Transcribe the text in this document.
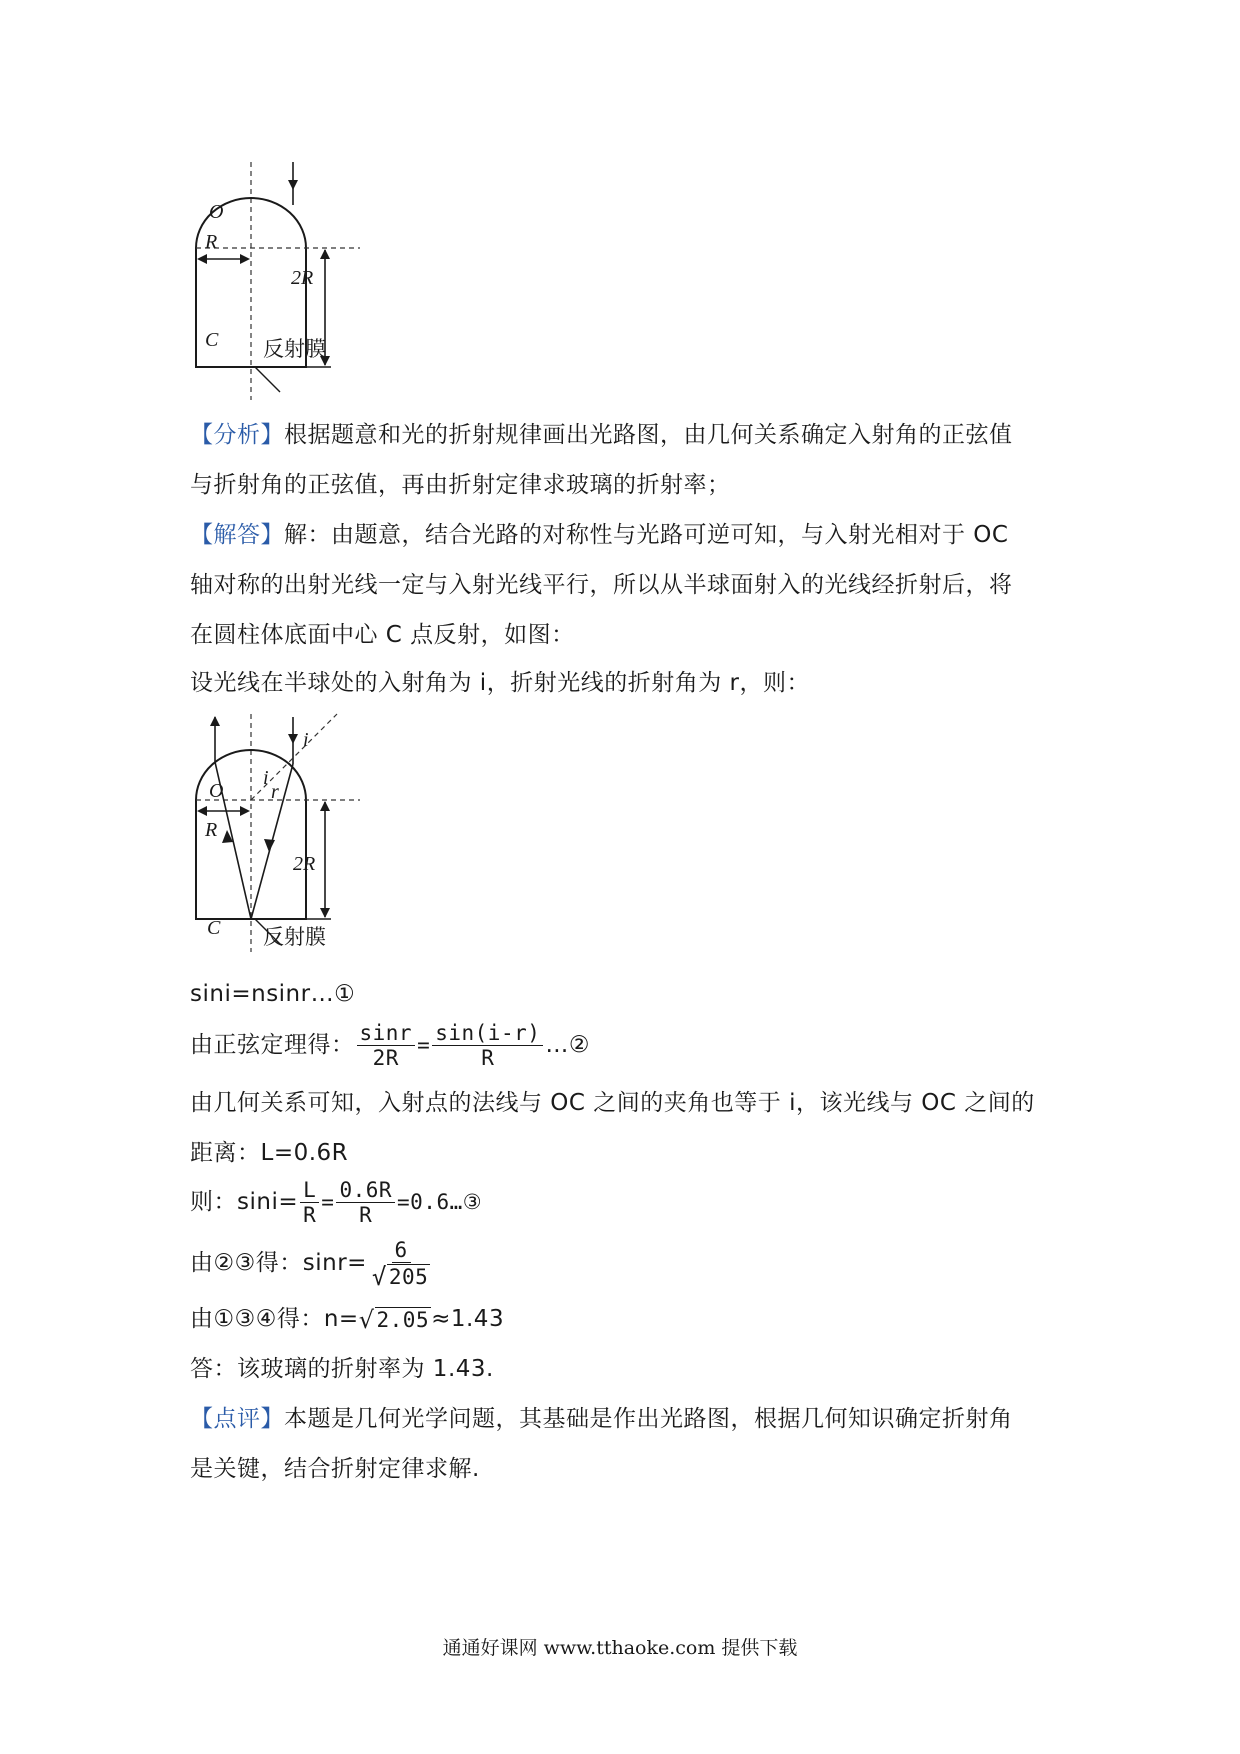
O
R
2R
C 反射膜
【分析】根据题意和光的折射规律画出光路图，由几何关系确定入射角的正弦值
与折射角的正弦值，再由折射定律求玻璃的折射率；
【解答】解：由题意，结合光路的对称性与光路可逆可知，与入射光相对于 OC
轴对称的出射光线一定与入射光线平行，所以从半球面射入的光线经折射后，将
在圆柱体底面中心 C 点反射，如图：
设光线在半球处的入射角为 i，折射光线的折射角为 r，则：
i
i
r
O
R
2R
C 反射膜
sini=nsinr…①
由正弦定理得： $\frac{\sin r}{2R} = \frac{\sin(i-r)}{R}$ …②
由几何关系可知，入射点的法线与 OC 之间的夹角也等于 i，该光线与 OC 之间的
距离：L=0.6R
则：$\sin i= \frac{L}{R} = \frac{0.6R}{R}$ =0.6…③
由②③得：$\sin r= \frac{6}{√ 205}$
由①③④得：n= √ 2.05 ≈1.43
答：该玻璃的折射率为 1.43.
【点评】本题是几何光学问题，其基础是作出光路图，根据几何知识确定折射角
是关键，结合折射定律求解.
通通好课网 www.tthaoke.com 提供下载
